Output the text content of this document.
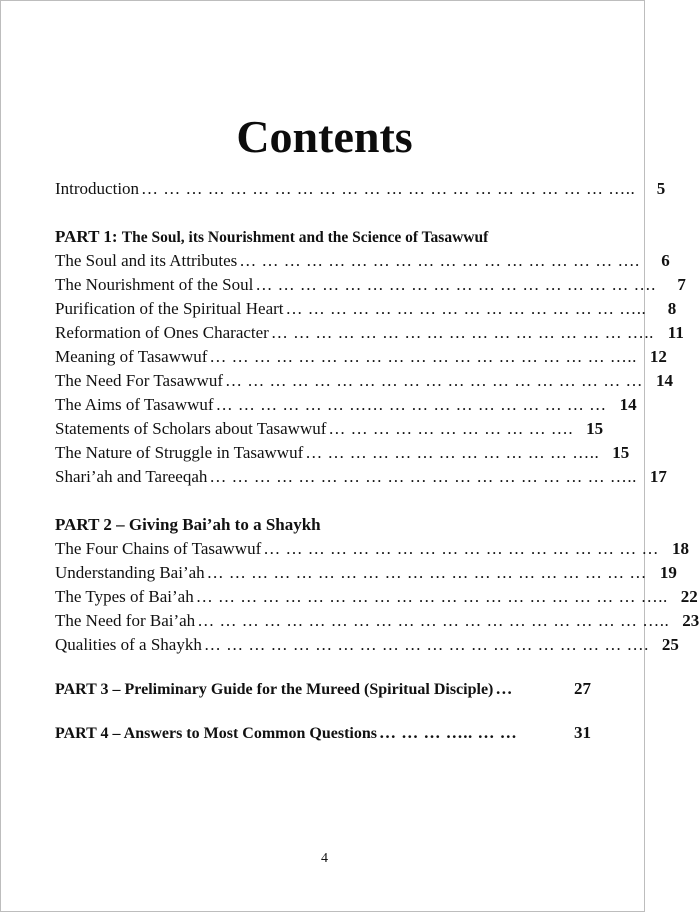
Contents
Introduction … … … … … … … … … … … … … … … … … … … … … …..	5
PART 1: The Soul, its Nourishment and the Science of Tasawwuf
The Soul and its Attributes … … … … … … … … … … … … … … … … … ….	6
The Nourishment of the Soul … … … … … … … … … … … … … … … … … ….	7
Purification of the Spiritual Heart … … … … … … … … … … … … … … … …..	8
Reformation of Ones Character … … … … … … … … … … … … … … … … ….. 11
Meaning of Tasawwuf … … … … … … … … … … … … … … … … … … ….. 12
The Need For Tasawwuf … … … … … … … … … … … … … … … … … … … 14
The Aims of Tasawwuf … … … … … … …… … … … … … … … … … … 14
Statements of Scholars about Tasawwuf … … … … … … … … … … …. 15
The Nature of Struggle in Tasawwuf … … … … … … … … … … … … ….. 15
Shari’ah and Tareeqah … … … … … … … … … … … … … … … … … … ….. 17
PART 2 – Giving Bai’ah to a Shaykh
The Four Chains of Tasawwuf … … … … … … … … … … … … … … … … … … 18
Understanding Bai’ah … … … … … … … … … … … … … … … … … … … … 19
The Types of Bai’ah … … … … … … … … … … … … … … … … … … … … ….. 22
The Need for Bai’ah … … … … … … … … … … … … … … … … … … … … ….. 23
Qualities of a Shaykh … … … … … … … … … … … … … … … … … … … …. 25
PART 3 – Preliminary Guide for the Mureed (Spiritual Disciple) …	27
PART 4 – Answers to Most Common Questions … … … ….. … …	31
4
